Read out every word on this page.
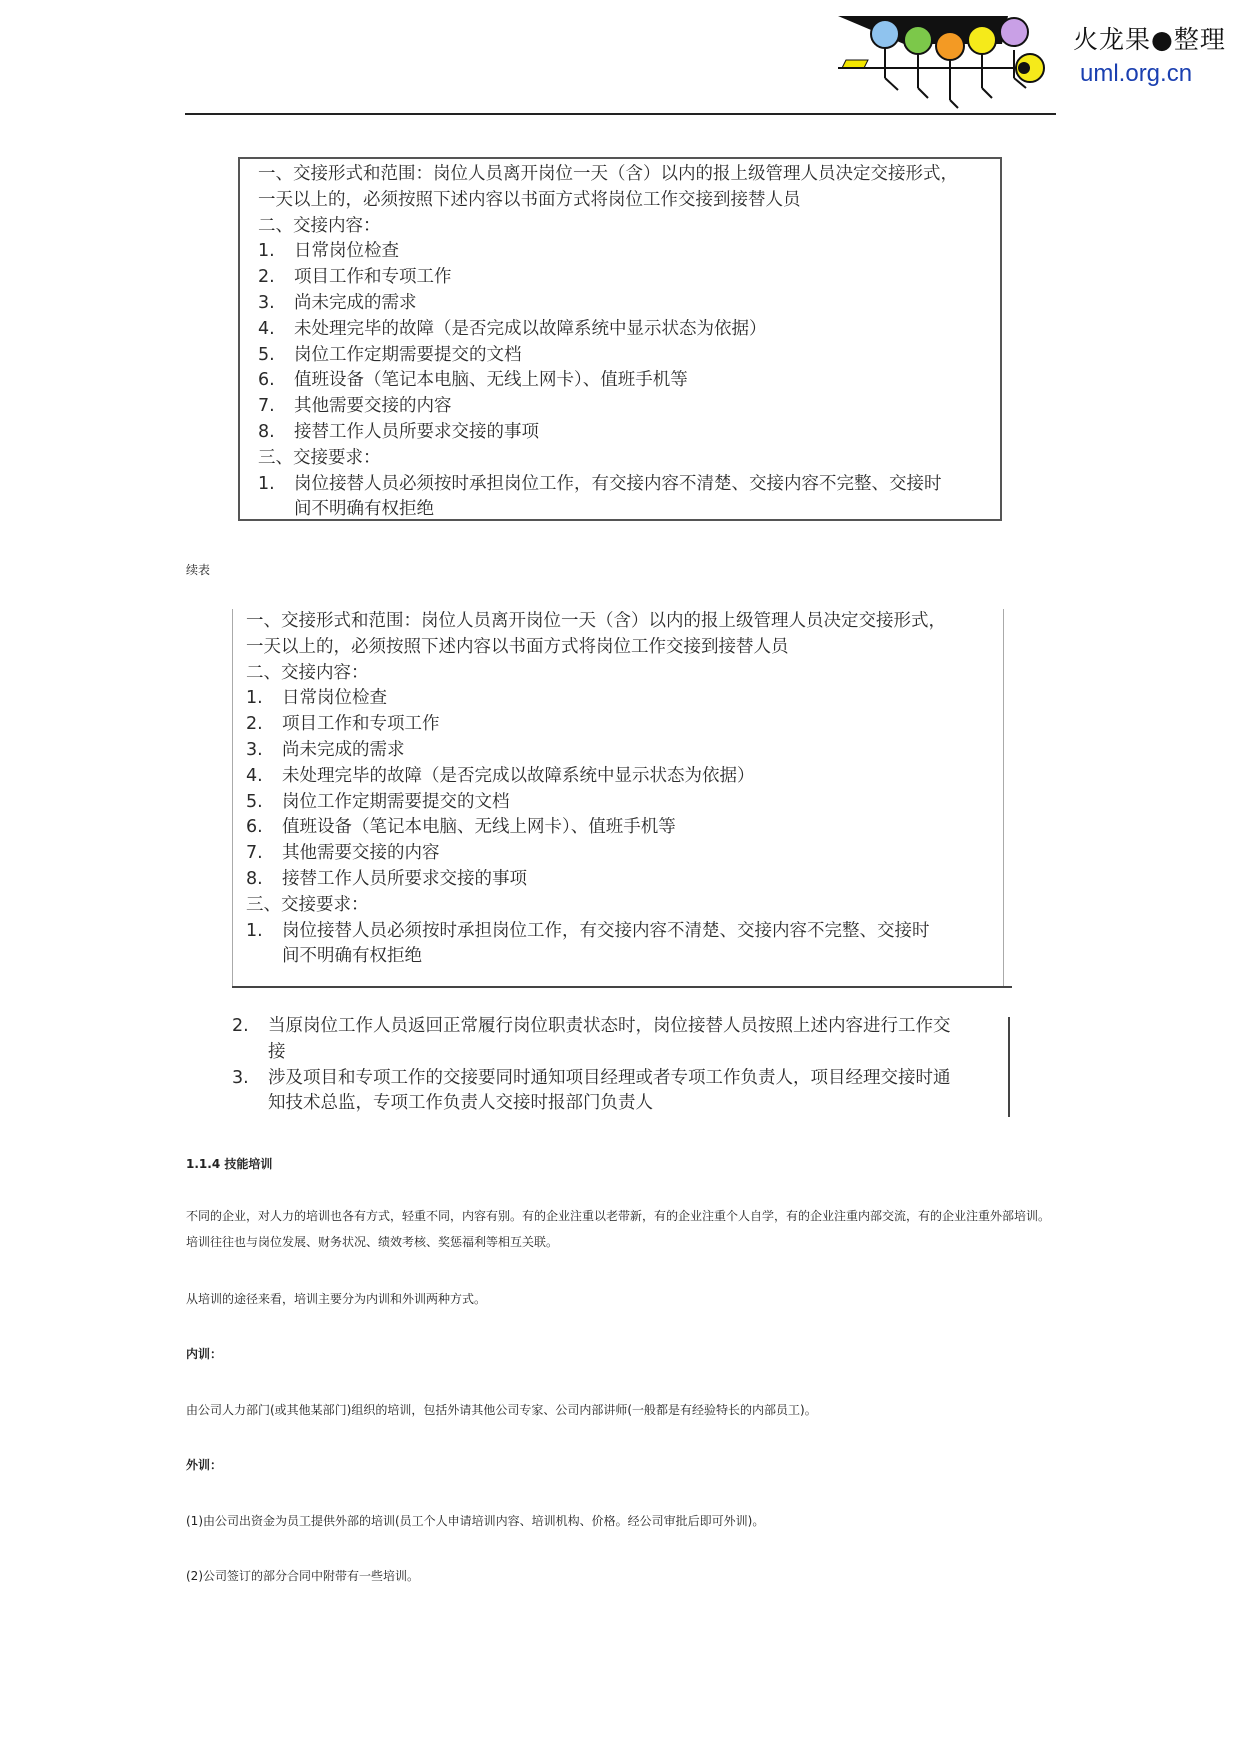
火龙果●整理
uml.org.cn
一、交接形式和范围：岗位人员离开岗位一天（含）以内的报上级管理人员决定交接形式，
一天以上的，必须按照下述内容以书面方式将岗位工作交接到接替人员
二、交接内容：
1. 日常岗位检查
2. 项目工作和专项工作
3. 尚未完成的需求
4. 未处理完毕的故障（是否完成以故障系统中显示状态为依据）
5. 岗位工作定期需要提交的文档
6. 值班设备（笔记本电脑、无线上网卡）、值班手机等
7. 其他需要交接的内容
8. 接替工作人员所要求交接的事项
三、交接要求：
1. 岗位接替人员必须按时承担岗位工作，有交接内容不清楚、交接内容不完整、交接时
间不明确有权拒绝
续表
一、交接形式和范围：岗位人员离开岗位一天（含）以内的报上级管理人员决定交接形式，
一天以上的，必须按照下述内容以书面方式将岗位工作交接到接替人员
二、交接内容：
1. 日常岗位检查
2. 项目工作和专项工作
3. 尚未完成的需求
4. 未处理完毕的故障（是否完成以故障系统中显示状态为依据）
5. 岗位工作定期需要提交的文档
6. 值班设备（笔记本电脑、无线上网卡）、值班手机等
7. 其他需要交接的内容
8. 接替工作人员所要求交接的事项
三、交接要求：
1. 岗位接替人员必须按时承担岗位工作，有交接内容不清楚、交接内容不完整、交接时
间不明确有权拒绝
2. 当原岗位工作人员返回正常履行岗位职责状态时，岗位接替人员按照上述内容进行工作交
接
3. 涉及项目和专项工作的交接要同时通知项目经理或者专项工作负责人，项目经理交接时通
知技术总监，专项工作负责人交接时报部门负责人
1.1.4 技能培训
不同的企业，对人力的培训也各有方式，轻重不同，内容有别。有的企业注重以老带新，有的企业注重个人自学，有的企业注重内部交流，有的企业注重外部培训。培训往往也与岗位发展、财务状况、绩效考核、奖惩福利等相互关联。
从培训的途径来看，培训主要分为内训和外训两种方式。
内训：
由公司人力部门(或其他某部门)组织的培训，包括外请其他公司专家、公司内部讲师(一般都是有经验特长的内部员工)。
外训：
(1)由公司出资金为员工提供外部的培训(员工个人申请培训内容、培训机构、价格。经公司审批后即可外训)。
(2)公司签订的部分合同中附带有一些培训。
